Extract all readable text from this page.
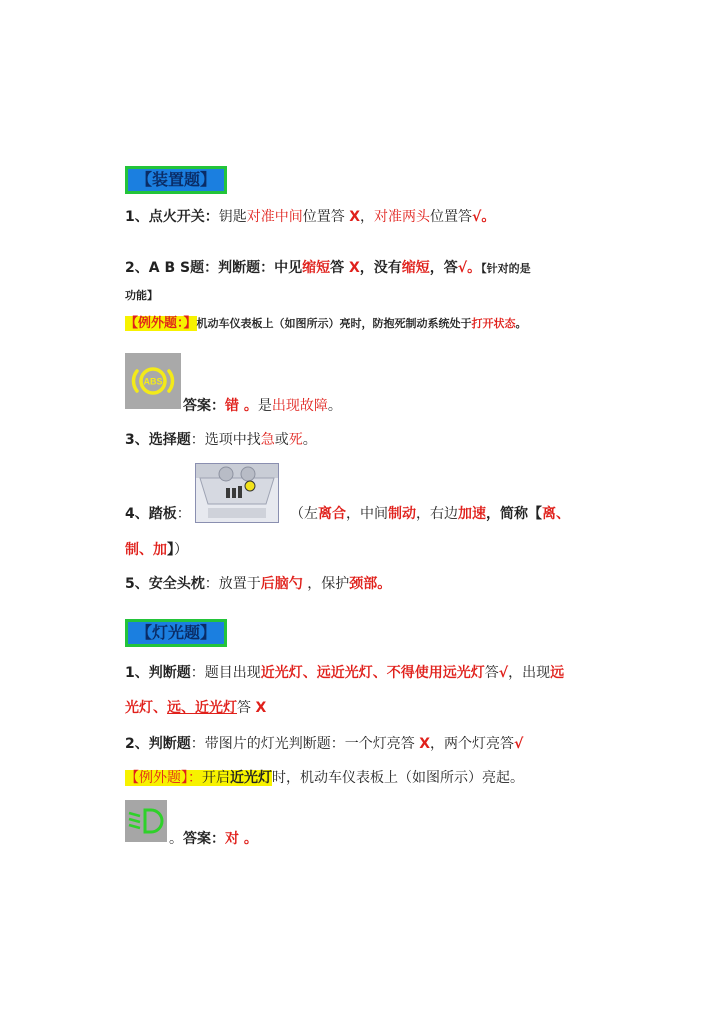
【装置题】
1、点火开关：钥匙对准中间位置答 X，对准两头位置答√。
2、A B S题：判断题：中见缩短答 X，没有缩短，答√。【针对的是
功能】
【例外题：】机动车仪表板上（如图所示）亮时，防抱死制动系统处于打开状态。
ABS
答案：错 。是出现故障。
3、选择题：选项中找急或死。
4、踏板：	（左离合，中间制动，右边加速，简称【离、
制、加】）
5、安全头枕：放置于后脑勺 ，保护颈部。
【灯光题】
1、判断题：题目出现近光灯、远近光灯、不得使用远光灯答√，出现远
光灯、远、近光灯答 X
2、判断题：带图片的灯光判断题：一个灯亮答 X，两个灯亮答√
【例外题】：开启近光灯时，机动车仪表板上（如图所示）亮起。
。答案：对 。
